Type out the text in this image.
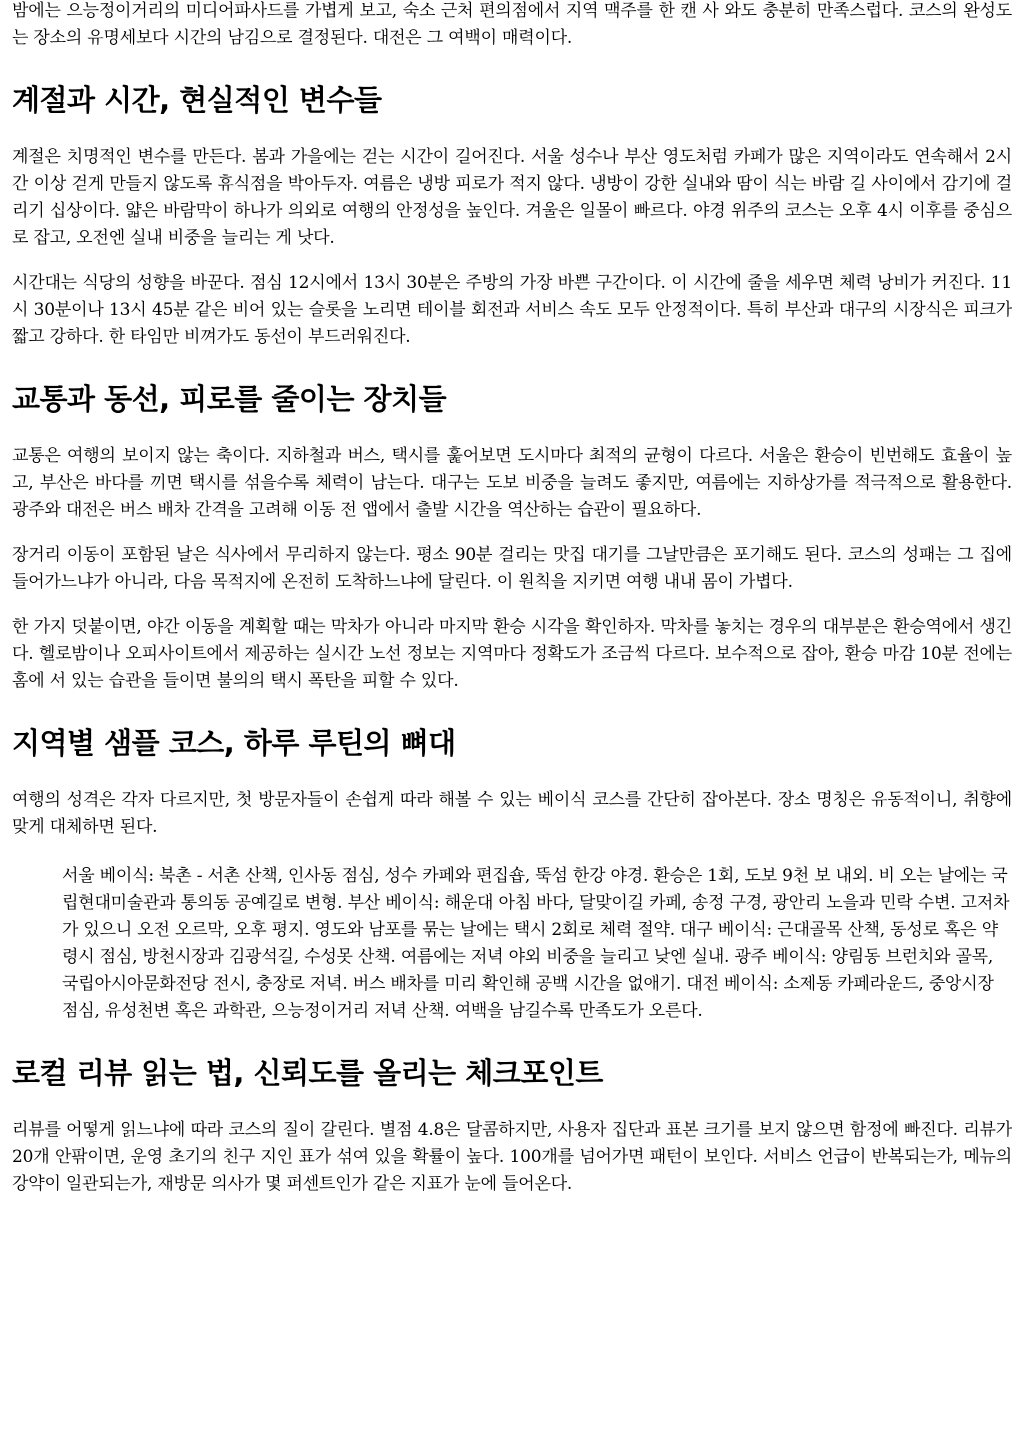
밤에는 으능정이거리의 미디어파사드를 가볍게 보고, 숙소 근처 편의점에서 지역 맥주를 한 캔 사 와도 충분히 만족스럽다. 코스의 완성도는 장소의 유명세보다 시간의 남김으로 결정된다. 대전은 그 여백이 매력이다.

계절과 시간, 현실적인 변수들

계절은 치명적인 변수를 만든다. 봄과 가을에는 걷는 시간이 길어진다. 서울 성수나 부산 영도처럼 카페가 많은 지역이라도 연속해서 2시간 이상 걷게 만들지 않도록 휴식점을 박아두자. 여름은 냉방 피로가 적지 않다. 냉방이 강한 실내와 땀이 식는 바람 길 사이에서 감기에 걸리기 십상이다. 얇은 바람막이 하나가 의외로 여행의 안정성을 높인다. 겨울은 일몰이 빠르다. 야경 위주의 코스는 오후 4시 이후를 중심으로 잡고, 오전엔 실내 비중을 늘리는 게 낫다.

시간대는 식당의 성향을 바꾼다. 점심 12시에서 13시 30분은 주방의 가장 바쁜 구간이다. 이 시간에 줄을 세우면 체력 낭비가 커진다. 11시 30분이나 13시 45분 같은 비어 있는 슬롯을 노리면 테이블 회전과 서비스 속도 모두 안정적이다. 특히 부산과 대구의 시장식은 피크가 짧고 강하다. 한 타임만 비껴가도 동선이 부드러워진다.

교통과 동선, 피로를 줄이는 장치들

교통은 여행의 보이지 않는 축이다. 지하철과 버스, 택시를 훑어보면 도시마다 최적의 균형이 다르다. 서울은 환승이 빈번해도 효율이 높고, 부산은 바다를 끼면 택시를 섞을수록 체력이 남는다. 대구는 도보 비중을 늘려도 좋지만, 여름에는 지하상가를 적극적으로 활용한다. 광주와 대전은 버스 배차 간격을 고려해 이동 전 앱에서 출발 시간을 역산하는 습관이 필요하다.

장거리 이동이 포함된 날은 식사에서 무리하지 않는다. 평소 90분 걸리는 맛집 대기를 그날만큼은 포기해도 된다. 코스의 성패는 그 집에 들어가느냐가 아니라, 다음 목적지에 온전히 도착하느냐에 달린다. 이 원칙을 지키면 여행 내내 몸이 가볍다.

한 가지 덧붙이면, 야간 이동을 계획할 때는 막차가 아니라 마지막 환승 시각을 확인하자. 막차를 놓치는 경우의 대부분은 환승역에서 생긴다. 헬로밤이나 오피사이트에서 제공하는 실시간 노선 정보는 지역마다 정확도가 조금씩 다르다. 보수적으로 잡아, 환승 마감 10분 전에는 홈에 서 있는 습관을 들이면 불의의 택시 폭탄을 피할 수 있다.

지역별 샘플 코스, 하루 루틴의 뼈대

여행의 성격은 각자 다르지만, 첫 방문자들이 손쉽게 따라 해볼 수 있는 베이식 코스를 간단히 잡아본다. 장소 명칭은 유동적이니, 취향에 맞게 대체하면 된다.

서울 베이식: 북촌 - 서촌 산책, 인사동 점심, 성수 카페와 편집숍, 뚝섬 한강 야경. 환승은 1회, 도보 9천 보 내외. 비 오는 날에는 국립현대미술관과 통의동 공예길로 변형. 부산 베이식: 해운대 아침 바다, 달맞이길 카페, 송정 구경, 광안리 노을과 민락 수변. 고저차가 있으니 오전 오르막, 오후 평지. 영도와 남포를 묶는 날에는 택시 2회로 체력 절약. 대구 베이식: 근대골목 산책, 동성로 혹은 약령시 점심, 방천시장과 김광석길, 수성못 산책. 여름에는 저녁 야외 비중을 늘리고 낮엔 실내. 광주 베이식: 양림동 브런치와 골목, 국립아시아문화전당 전시, 충장로 저녁. 버스 배차를 미리 확인해 공백 시간을 없애기. 대전 베이식: 소제동 카페라운드, 중앙시장 점심, 유성천변 혹은 과학관, 으능정이거리 저녁 산책. 여백을 남길수록 만족도가 오른다.

로컬 리뷰 읽는 법, 신뢰도를 올리는 체크포인트

리뷰를 어떻게 읽느냐에 따라 코스의 질이 갈린다. 별점 4.8은 달콤하지만, 사용자 집단과 표본 크기를 보지 않으면 함정에 빠진다. 리뷰가 20개 안팎이면, 운영 초기의 친구 지인 표가 섞여 있을 확률이 높다. 100개를 넘어가면 패턴이 보인다. 서비스 언급이 반복되는가, 메뉴의 강약이 일관되는가, 재방문 의사가 몇 퍼센트인가 같은 지표가 눈에 들어온다.
